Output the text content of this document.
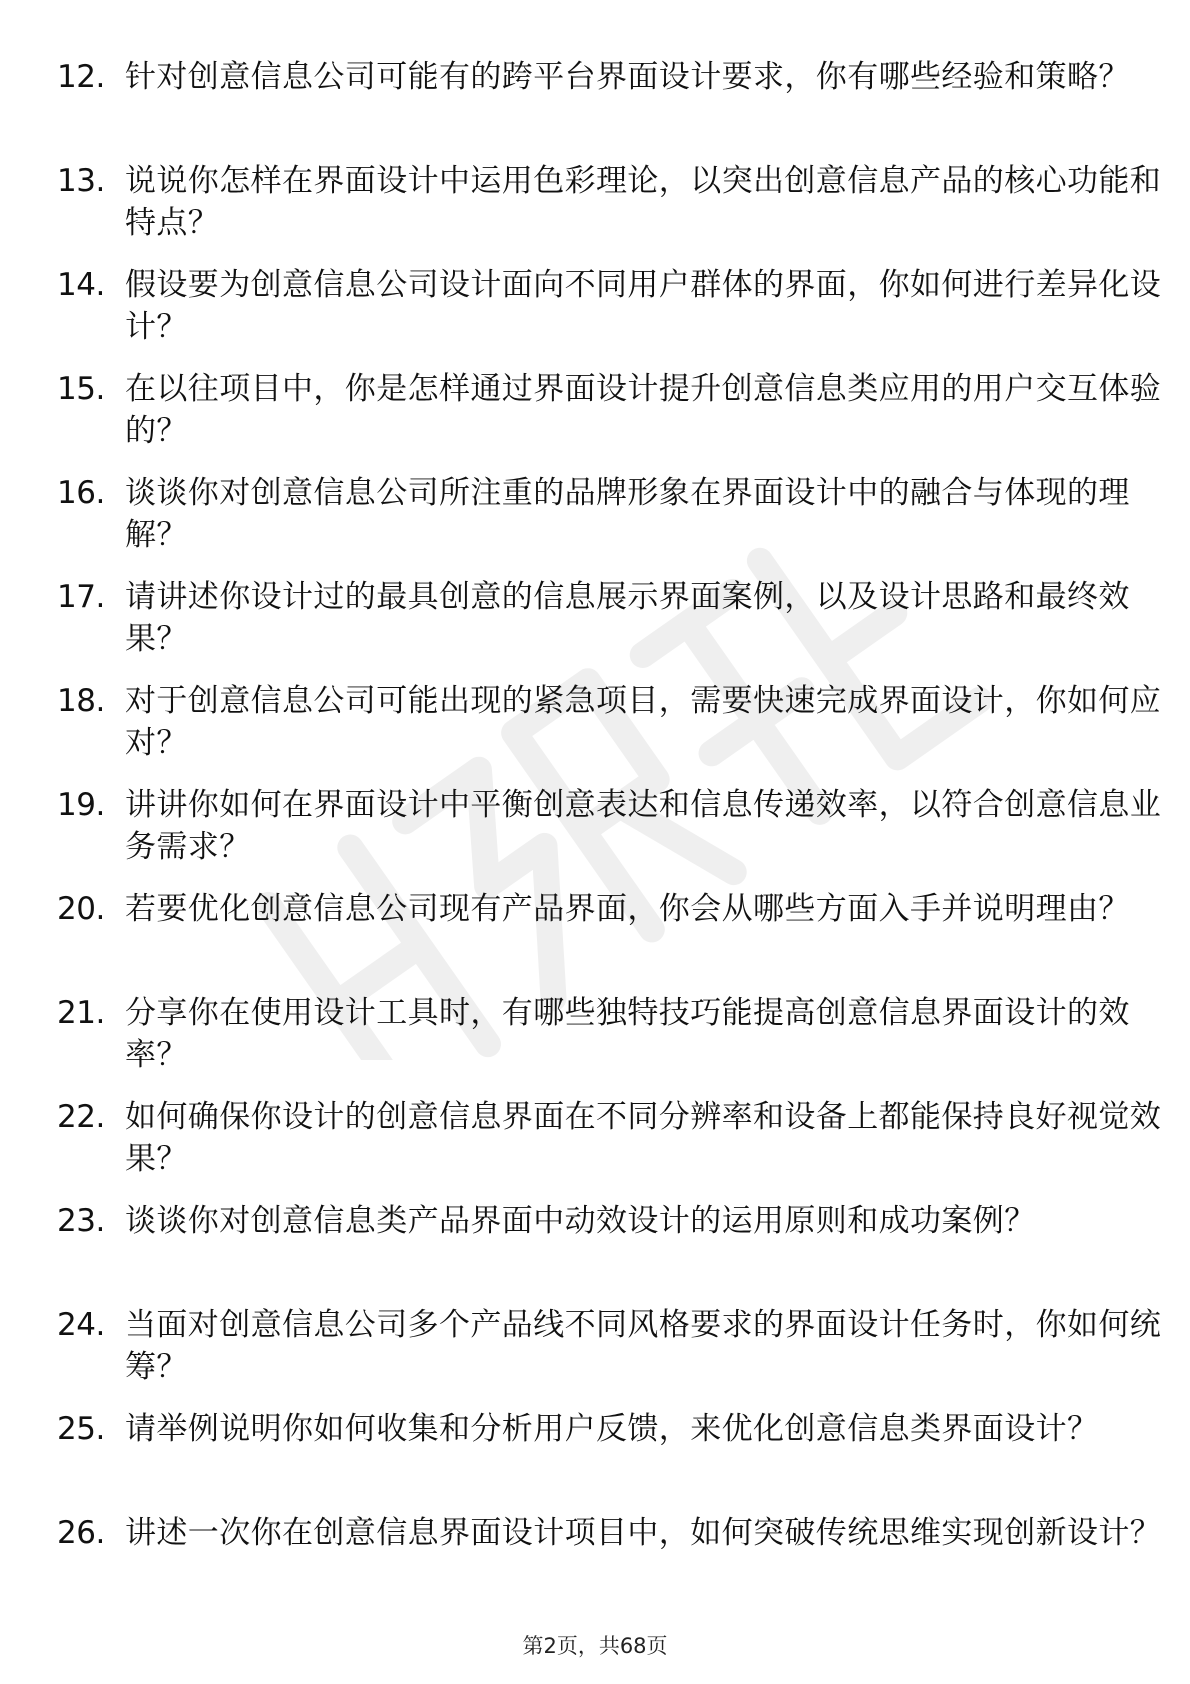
12. 针对创意信息公司可能有的跨平台界面设计要求，你有哪些经验和策略？
13. 说说你怎样在界面设计中运用色彩理论，以突出创意信息产品的核心功能和特点？
14. 假设要为创意信息公司设计面向不同用户群体的界面，你如何进行差异化设计？
15. 在以往项目中，你是怎样通过界面设计提升创意信息类应用的用户交互体验的？
16. 谈谈你对创意信息公司所注重的品牌形象在界面设计中的融合与体现的理解？
17. 请讲述你设计过的最具创意的信息展示界面案例，以及设计思路和最终效果？
18. 对于创意信息公司可能出现的紧急项目，需要快速完成界面设计，你如何应对？
19. 讲讲你如何在界面设计中平衡创意表达和信息传递效率，以符合创意信息业务需求？
20. 若要优化创意信息公司现有产品界面，你会从哪些方面入手并说明理由？
21. 分享你在使用设计工具时，有哪些独特技巧能提高创意信息界面设计的效率？
22. 如何确保你设计的创意信息界面在不同分辨率和设备上都能保持良好视觉效果？
23. 谈谈你对创意信息类产品界面中动效设计的运用原则和成功案例？
24. 当面对创意信息公司多个产品线不同风格要求的界面设计任务时，你如何统筹？
25. 请举例说明你如何收集和分析用户反馈，来优化创意信息类界面设计？
26. 讲述一次你在创意信息界面设计项目中，如何突破传统思维实现创新设计？
第2页，共68页
